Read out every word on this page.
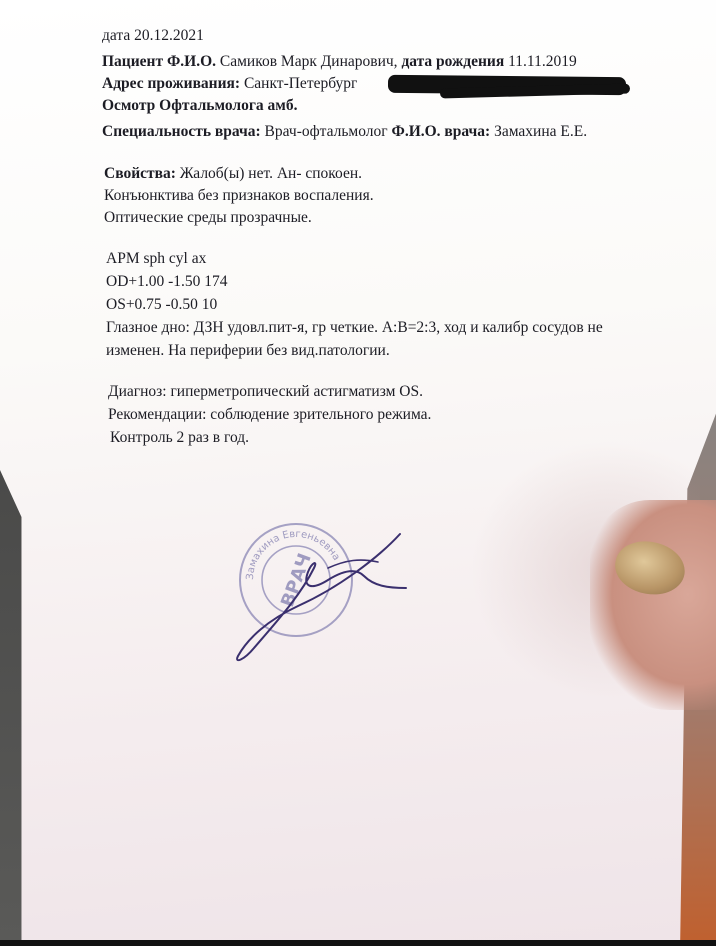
дата 20.12.2021
Пациент Ф.И.О. Самиков Марк Динарович, дата рождения 11.11.2019
Адрес проживания: Санкт-Петербург
Осмотр Офтальмолога амб.
Специальность врача: Врач-офтальмолог Ф.И.О. врача: Замахина Е.Е.
Свойства: Жалоб(ы) нет. Ан- спокоен.
Конъюнктива без признаков воспаления.
Оптические среды прозрачные.
АРМ sph cyl ax
OD+1.00 -1.50 174
OS+0.75 -0.50 10
Глазное дно: ДЗН удовл.пит-я, гр четкие. А:В=2:3, ход и калибр сосудов не
изменен. На периферии без вид.патологии.
Диагноз: гиперметропический астигматизм OS.
Рекомендации: соблюдение зрительного режима.
Контроль 2 раз в год.
Замахина Евгеньевна
ВРАЧ
